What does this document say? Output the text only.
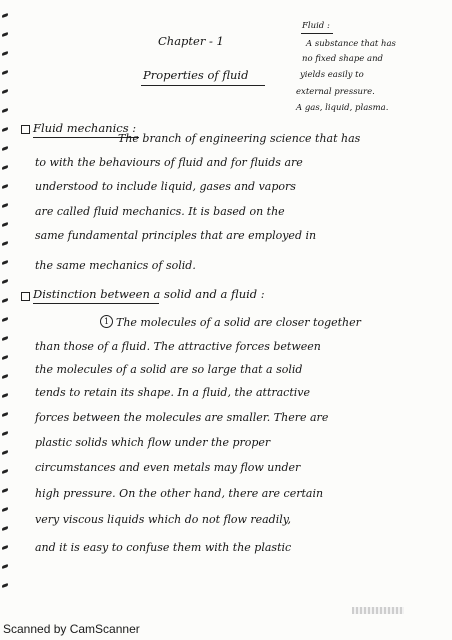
Chapter - 1
Properties of fluid
Fluid :
A substance that has
no fixed shape and
yields easily to
external pressure.
A gas, liquid, plasma.
Fluid mechanics :
The branch of engineering science that has
to with the behaviours of fluid and for fluids are
understood to include liquid, gases and vapors
are called fluid mechanics. It is based on the
same fundamental principles that are employed in
the same mechanics of solid.
Distinction between a solid and a fluid :
1 The molecules of a solid are closer together
than those of a fluid. The attractive forces between
the molecules of a solid are so large that a solid
tends to retain its shape. In a fluid, the attractive
forces between the molecules are smaller. There are
plastic solids which flow under the proper
circumstances and even metals may flow under
high pressure. On the other hand, there are certain
very viscous liquids which do not flow readily,
and it is easy to confuse them with the plastic
Scanned by CamScanner
